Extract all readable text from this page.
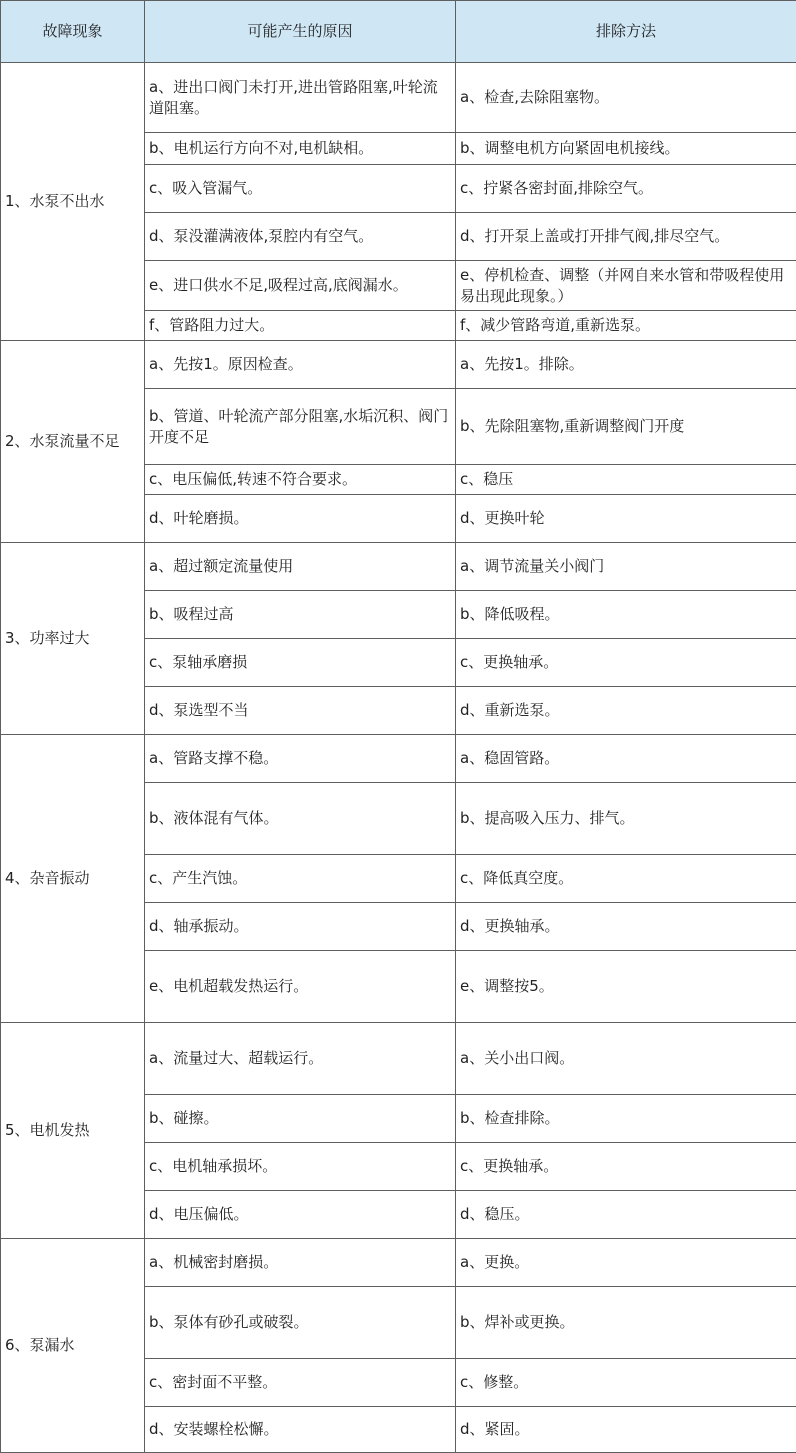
故障现象	可能产生的原因	排除方法
1、水泵不出水	a、进出口阀门未打开,进出管路阻塞,叶轮流道阻塞。	a、检查,去除阻塞物。
	b、电机运行方向不对,电机缺相。	b、调整电机方向紧固电机接线。
	c、吸入管漏气。	c、拧紧各密封面,排除空气。
	d、泵没灌满液体,泵腔内有空气。	d、打开泵上盖或打开排气阀,排尽空气。
	e、进口供水不足,吸程过高,底阀漏水。	e、停机检查、调整（并网自来水管和带吸程使用易出现此现象。）
	f、管路阻力过大。	f、减少管路弯道,重新选泵。
2、水泵流量不足	a、先按1。原因检查。	a、先按1。排除。
	b、管道、叶轮流产部分阻塞,水垢沉积、阀门开度不足	b、先除阻塞物,重新调整阀门开度
	c、电压偏低,转速不符合要求。	c、稳压
	d、叶轮磨损。	d、更换叶轮
3、功率过大	a、超过额定流量使用	a、调节流量关小阀门
	b、吸程过高	b、降低吸程。
	c、泵轴承磨损	c、更换轴承。
	d、泵选型不当	d、重新选泵。
4、杂音振动	a、管路支撑不稳。	a、稳固管路。
	b、液体混有气体。	b、提高吸入压力、排气。
	c、产生汽蚀。	c、降低真空度。
	d、轴承振动。	d、更换轴承。
	e、电机超载发热运行。	e、调整按5。
5、电机发热	a、流量过大、超载运行。	a、关小出口阀。
	b、碰擦。	b、检查排除。
	c、电机轴承损坏。	c、更换轴承。
	d、电压偏低。	d、稳压。
6、泵漏水	a、机械密封磨损。	a、更换。
	b、泵体有砂孔或破裂。	b、焊补或更换。
	c、密封面不平整。	c、修整。
	d、安装螺栓松懈。	d、紧固。
